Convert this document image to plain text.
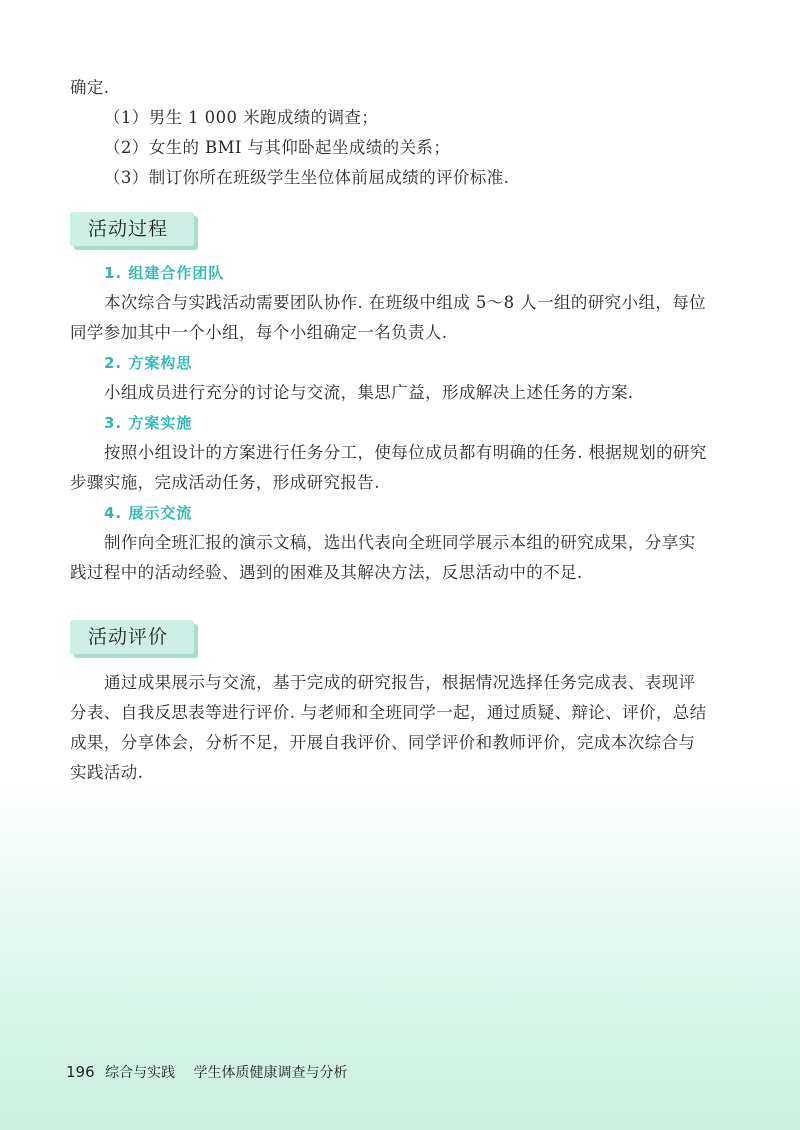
确定.

（1）男生 1 000 米跑成绩的调查；

（2）女生的 BMI 与其仰卧起坐成绩的关系；

（3）制订你所在班级学生坐位体前屈成绩的评价标准.

活动过程
1. 组建合作团队

本次综合与实践活动需要团队协作. 在班级中组成 5～8 人一组的研究小组，每位同学参加其中一个小组，每个小组确定一名负责人.

2. 方案构思

小组成员进行充分的讨论与交流，集思广益，形成解决上述任务的方案.

3. 方案实施

按照小组设计的方案进行任务分工，使每位成员都有明确的任务. 根据规划的研究步骤实施，完成活动任务，形成研究报告.

4. 展示交流

制作向全班汇报的演示文稿，选出代表向全班同学展示本组的研究成果，分享实践过程中的活动经验、遇到的困难及其解决方法，反思活动中的不足.

活动评价

通过成果展示与交流，基于完成的研究报告，根据情况选择任务完成表、表现评分表、自我反思表等进行评价. 与老师和全班同学一起，通过质疑、辩论、评价，总结成果，分享体会，分析不足，开展自我评价、同学评价和教师评价，完成本次综合与实践活动.

196 综合与实践 学生体质健康调查与分析
